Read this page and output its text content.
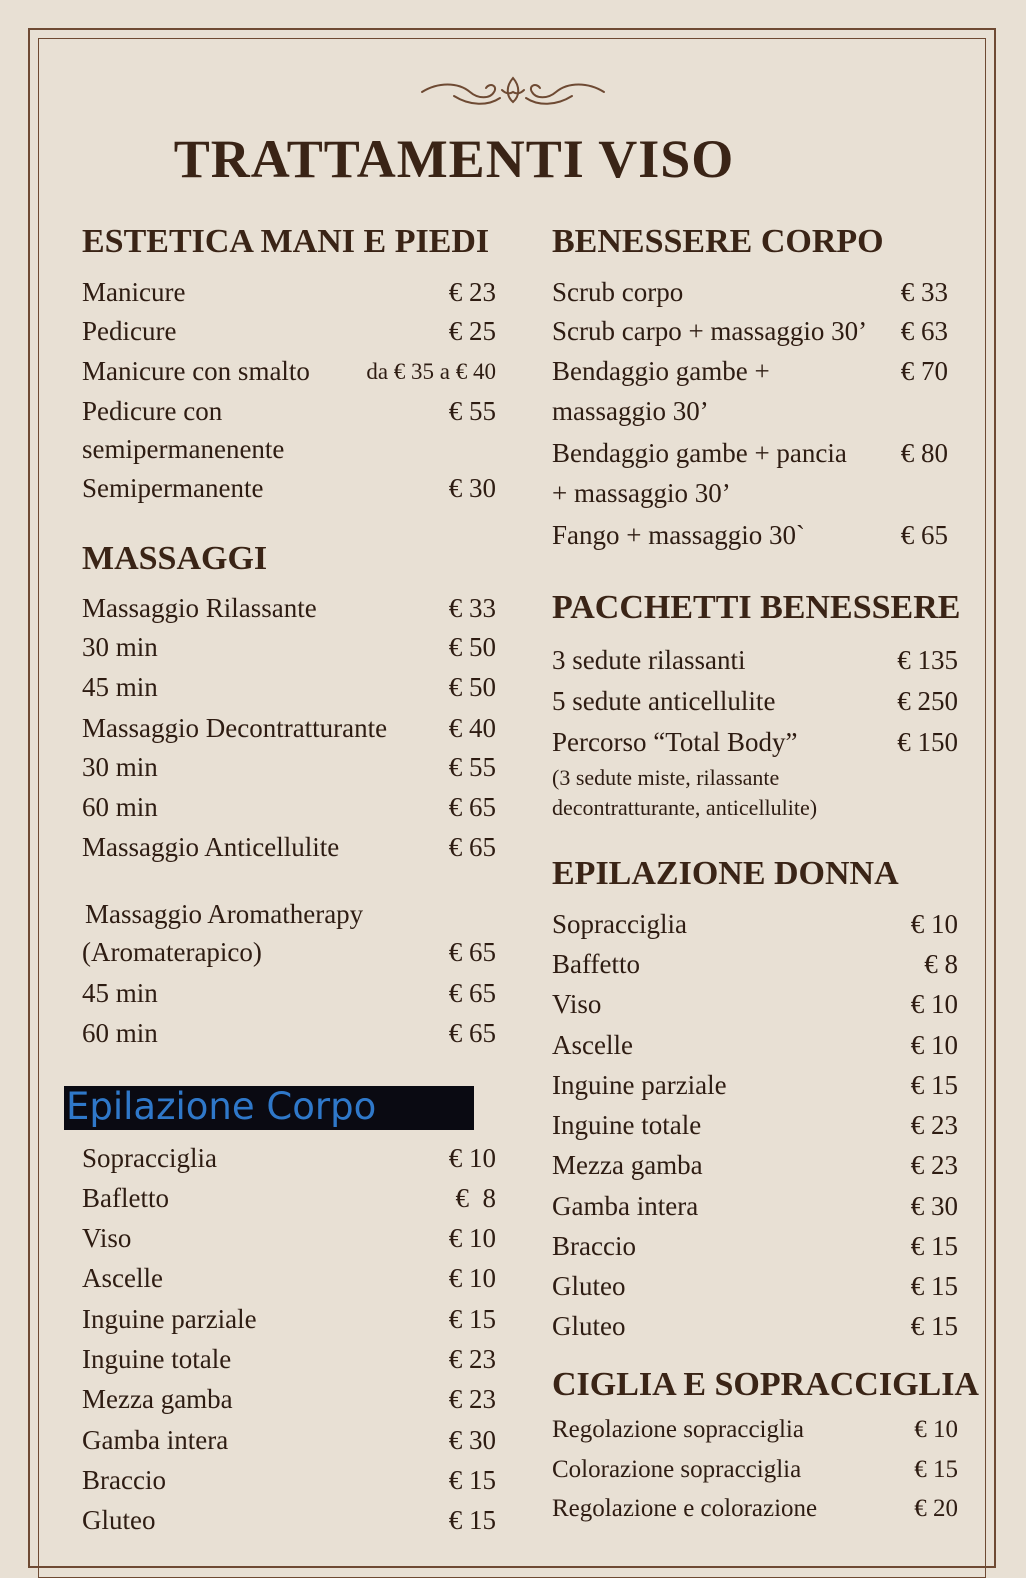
TRATTAMENTI VISO
ESTETICA MANI E PIEDI
Manicure	€ 23
Pedicure	€ 25
Manicure con smalto da € 35 a € 40
Pedicure con	€ 55
semipermanenente
Semipermanente	€ 30
MASSAGGI
Massaggio Rilassante	€ 33
30 min	€ 50
45 min	€ 50
Massaggio Decontratturante € 40
30 min	€ 55
60 min	€ 65
Massaggio Anticellulite	€ 65
Massaggio Aromatherapy
(Aromaterapico)	€ 65
45 min	€ 65
60 min	€ 65
Epilazione Corpo
Sopracciglia	€ 10
Bafletto	€  8
Viso	€ 10
Ascelle	€ 10
Inguine parziale	€ 15
Inguine totale	€ 23
Mezza gamba	€ 23
Gamba intera	€ 30
Braccio	€ 15
Gluteo	€ 15
BENESSERE CORPO
Scrub corpo	€ 33
Scrub carpo + massaggio 30’ € 63
Bendaggio gambe +	€ 70
massaggio 30’
Bendaggio gambe + pancia € 80
+ massaggio 30’
Fango + massaggio 30`	€ 65
PACCHETTI BENESSERE
3 sedute rilassanti	€ 135
5 sedute anticellulite	€ 250
Percorso “Total Body”	€ 150
(3 sedute miste, rilassante
decontratturante, anticellulite)
EPILAZIONE DONNA
Sopracciglia	€ 10
Baffetto	€ 8
Viso	€ 10
Ascelle	€ 10
Inguine parziale	€ 15
Inguine totale	€ 23
Mezza gamba	€ 23
Gamba intera	€ 30
Braccio	€ 15
Gluteo	€ 15
Gluteo	€ 15
CIGLIA E SOPRACCIGLIA
Regolazione sopracciglia	€ 10
Colorazione sopracciglia	€ 15
Regolazione e colorazione	€ 20
